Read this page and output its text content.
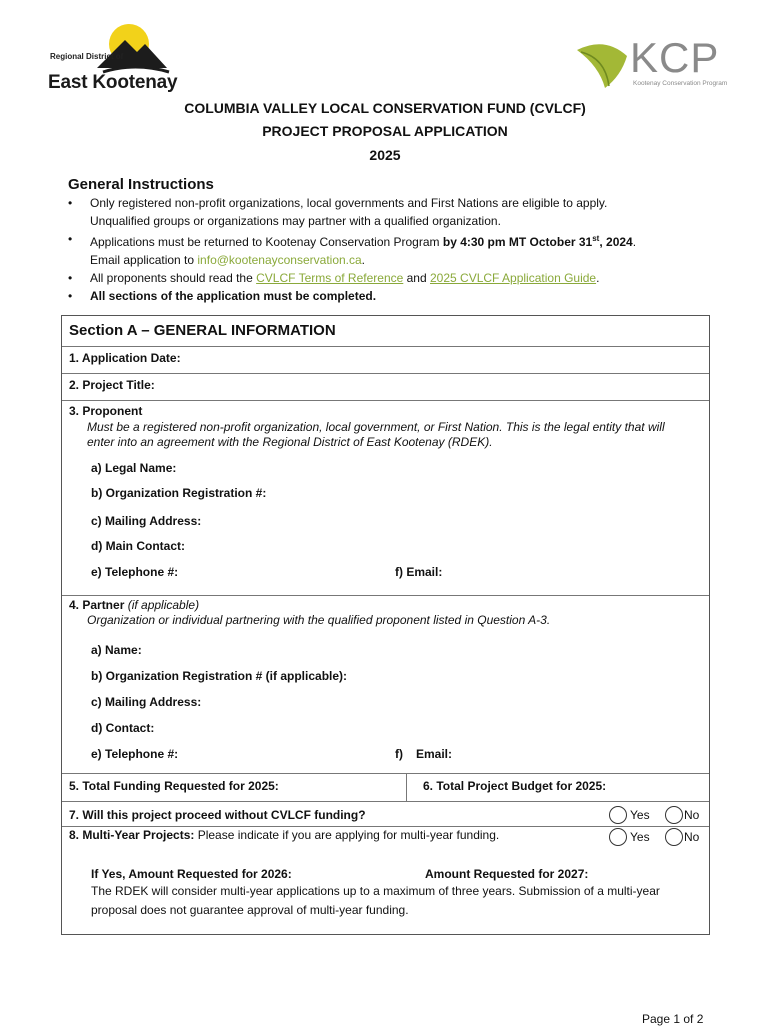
Regional District of
East Kootenay
KCP
Kootenay Conservation Program
COLUMBIA VALLEY LOCAL CONSERVATION FUND (CVLCF)
PROJECT PROPOSAL APPLICATION
2025
General Instructions
• Only registered non-profit organizations, local governments and First Nations are eligible to apply.
Unqualified groups or organizations may partner with a qualified organization.
• Applications must be returned to Kootenay Conservation Program by 4:30 pm MT October 31st, 2024.
Email application to info@kootenayconservation.ca.
• All proponents should read the CVLCF Terms of Reference and 2025 CVLCF Application Guide.
• All sections of the application must be completed.
Section A – GENERAL INFORMATION
1. Application Date:
2. Project Title:
3. Proponent
Must be a registered non-profit organization, local government, or First Nation. This is the legal entity that will
enter into an agreement with the Regional District of East Kootenay (RDEK).
a) Legal Name:
b) Organization Registration #:
c) Mailing Address:
d) Main Contact:
e) Telephone #:	f) Email:
4. Partner (if applicable)
Organization or individual partnering with the qualified proponent listed in Question A-3.
a) Name:
b) Organization Registration # (if applicable):
c) Mailing Address:
d) Contact:
e) Telephone #:	f) Email:
5. Total Funding Requested for 2025:	6. Total Project Budget for 2025:
7. Will this project proceed without CVLCF funding?	Yes	No
8. Multi-Year Projects: Please indicate if you are applying for multi-year funding.	Yes	No
If Yes, Amount Requested for 2026:	Amount Requested for 2027:
The RDEK will consider multi-year applications up to a maximum of three years. Submission of a multi-year
proposal does not guarantee approval of multi-year funding.
Page 1 of 2
